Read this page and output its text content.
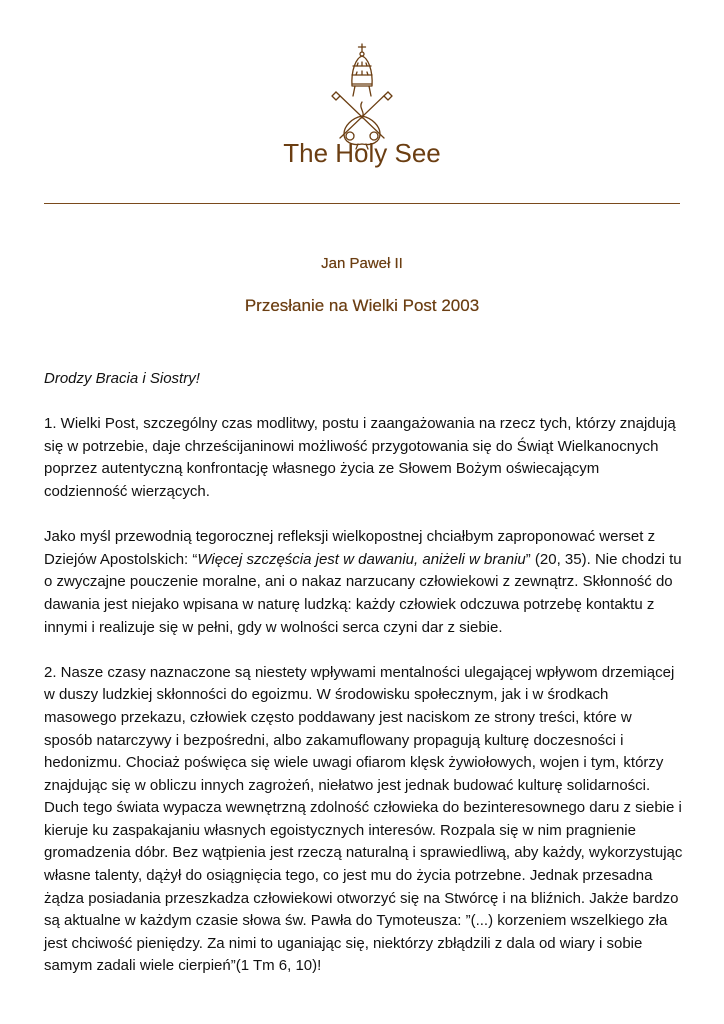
The Holy See
Jan Paweł II
Przesłanie na Wielki Post 2003

Drodzy Bracia i Siostry!

1. Wielki Post, szczególny czas modlitwy, postu i zaangażowania na rzecz tych, którzy znajdują się w potrzebie, daje chrześcijaninowi możliwość przygotowania się do Świąt Wielkanocnych poprzez autentyczną konfrontację własnego życia ze Słowem Bożym oświecającym codzienność wierzących.

Jako myśl przewodnią tegorocznej refleksji wielkopostnej chciałbym zaproponować werset z Dziejów Apostolskich: “Więcej szczęścia jest w dawaniu, aniżeli w braniu” (20, 35). Nie chodzi tu o zwyczajne pouczenie moralne, ani o nakaz narzucany człowiekowi z zewnątrz. Skłonność do dawania jest niejako wpisana w naturę ludzką: każdy człowiek odczuwa potrzebę kontaktu z innymi i realizuje się w pełni, gdy w wolności serca czyni dar z siebie.

2. Nasze czasy naznaczone są niestety wpływami mentalności ulegającej wpływom drzemiącej w duszy ludzkiej skłonności do egoizmu. W środowisku społecznym, jak i w środkach masowego przekazu, człowiek często poddawany jest naciskom ze strony treści, które w sposób natarczywy i bezpośredni, albo zakamuflowany propagują kulturę doczesności i hedonizmu. Chociaż poświęca się wiele uwagi ofiarom klęsk żywiołowych, wojen i tym, którzy znajdując się w obliczu innych zagrożeń, niełatwo jest jednak budować kulturę solidarności. Duch tego świata wypacza wewnętrzną zdolność człowieka do bezinteresownego daru z siebie i kieruje ku zaspakajaniu własnych egoistycznych interesów. Rozpala się w nim pragnienie gromadzenia dóbr. Bez wątpienia jest rzeczą naturalną i sprawiedliwą, aby każdy, wykorzystując własne talenty, dążył do osiągnięcia tego, co jest mu do życia potrzebne. Jednak przesadna żądza posiadania przeszkadza człowiekowi otworzyć się na Stwórcę i na bliźnich. Jakże bardzo są aktualne w każdym czasie słowa św. Pawła do Tymoteusza: ”(...) korzeniem wszelkiego zła jest chciwość pieniędzy. Za nimi to uganiając się, niektórzy zbłądzili z dala od wiary i sobie samym zadali wiele cierpień”(1 Tm 6, 10)!
